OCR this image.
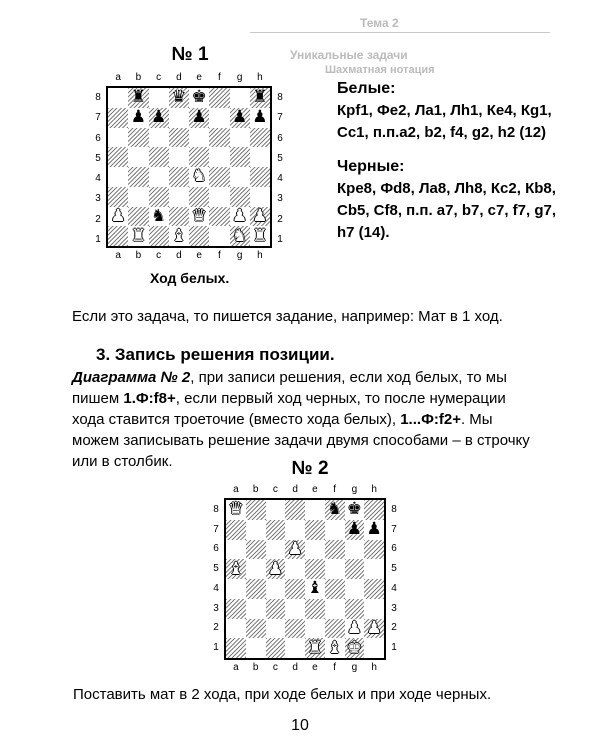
Тема 2
Уникальные задачи
Шахматная нотация
№ 1
♜ ♛ ♚	♜
♟ ♟ ♟ ♟ ♟
♞
♟ ♞ ♛ ♟ ♟
♜ ♝	♞ ♜
a
a
b
b
c
c
d
d
e
e
f
f
g
g
h
h
8	8
7	7
6	6
5	5
4	4
3	3
2	2
1	1
Ход белых.
Белые:
Крf1, Фe2, Лa1, Лh1, Кe4, Кg1, Сc1, п.п.a2, b2, f4, g2, h2 (12)
Черные:
Кре8, Фd8, Лa8, Лh8, Кc2, Кb8, Сb5, Сf8, п.п. a7, b7, c7, f7, g7, h7 (14).
Если это задача, то пишется задание, например: Мат в 1 ход.
3. Запись решения позиции.
Диаграмма № 2, при записи решения, если ход белых, то мы пишем 1.Ф:f8+, если первый ход черных, то после нумерации хода ставится троеточие (вместо хода белых), 1...Ф:f2+. Мы можем записывать решение задачи двумя способами – в строчку или в столбик.	№ 2
♛	♞ ♚
♟ ♟
♟
♝ ♟
♝
♟ ♟
♜ ♝ ♚
a
a
b
b
c
c
d
d
e
e
f
f
g
g
h
h
8	8
7	7
6	6
5	5
4	4
3	3
2	2
1	1
Поставить мат в 2 хода, при ходе белых и при ходе черных.
10
